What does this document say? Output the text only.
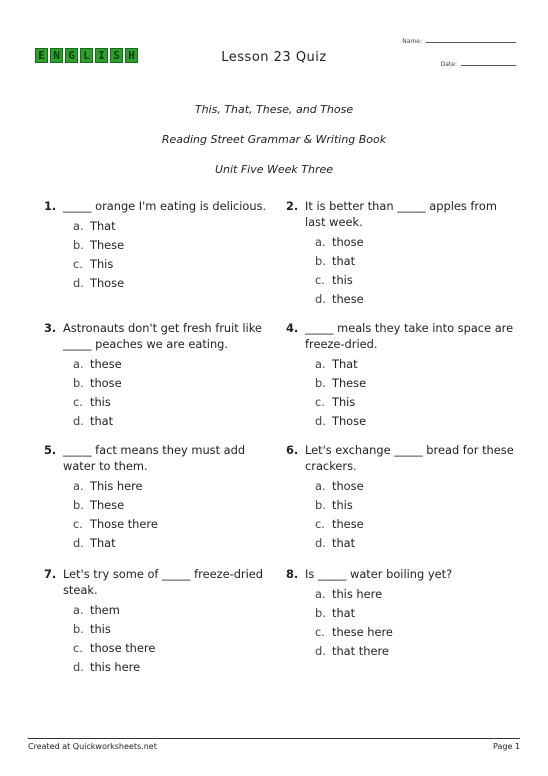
E N G L I S H	Lesson 23 Quiz
Name:
Date:
This, That, These, and Those
Reading Street Grammar & Writing Book
Unit Five Week Three
1. _____ orange I'm eating is delicious.
a. That
b. These
c. This
d. Those
2. It is better than _____ apples from last week.
a. those
b. that
c. this
d. these
3. Astronauts don't get fresh fruit like _____ peaches we are eating.
a. these
b. those
c. this
d. that
4. _____ meals they take into space are freeze-dried.
a. That
b. These
c. This
d. Those
5. _____ fact means they must add water to them.
a. This here
b. These
c. Those there
d. That
6. Let's exchange _____ bread for these crackers.
a. those
b. this
c. these
d. that
7. Let's try some of _____ freeze-dried steak.
a. them
b. this
c. those there
d. this here
8. Is _____ water boiling yet?
a. this here
b. that
c. these here
d. that there
Created at Quickworksheets.net	Page 1
